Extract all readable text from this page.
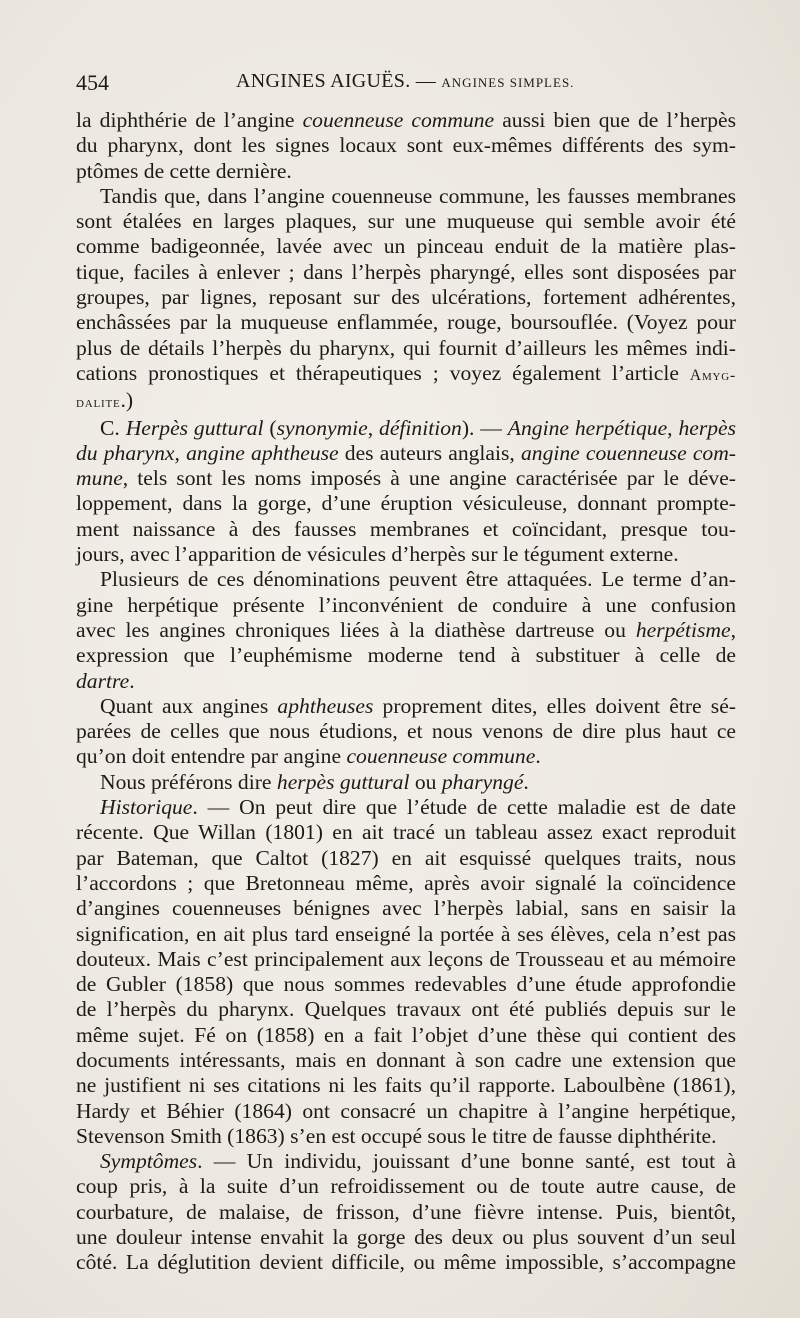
454	ANGINES AIGUËS. — ANGINES SIMPLES.
la diphthérie de l’angine couenneuse commune aussi bien que de l’herpès
du pharynx, dont les signes locaux sont eux-mêmes différents des sym-
ptômes de cette dernière.
Tandis que, dans l’angine couenneuse commune, les fausses membranes
sont étalées en larges plaques, sur une muqueuse qui semble avoir été
comme badigeonnée, lavée avec un pinceau enduit de la matière plas-
tique, faciles à enlever ; dans l’herpès pharyngé, elles sont disposées par
groupes, par lignes, reposant sur des ulcérations, fortement adhérentes,
enchâssées par la muqueuse enflammée, rouge, boursouflée. (Voyez pour
plus de détails l’herpès du pharynx, qui fournit d’ailleurs les mêmes indi-
cations pronostiques et thérapeutiques ; voyez également l’article Amyg-
dalite.)
C. Herpès guttural (synonymie, définition). — Angine herpétique, herpès
du pharynx, angine aphtheuse des auteurs anglais, angine couenneuse com-
mune, tels sont les noms imposés à une angine caractérisée par le déve-
loppement, dans la gorge, d’une éruption vésiculeuse, donnant prompte-
ment naissance à des fausses membranes et coïncidant, presque tou-
jours, avec l’apparition de vésicules d’herpès sur le tégument externe.
Plusieurs de ces dénominations peuvent être attaquées. Le terme d’an-
gine herpétique présente l’inconvénient de conduire à une confusion
avec les angines chroniques liées à la diathèse dartreuse ou herpétisme,
expression que l’euphémisme moderne tend à substituer à celle de
dartre.
Quant aux angines aphtheuses proprement dites, elles doivent être sé-
parées de celles que nous étudions, et nous venons de dire plus haut ce
qu’on doit entendre par angine couenneuse commune.
Nous préférons dire herpès guttural ou pharyngé.
Historique. — On peut dire que l’étude de cette maladie est de date
récente. Que Willan (1801) en ait tracé un tableau assez exact reproduit
par Bateman, que Caltot (1827) en ait esquissé quelques traits, nous
l’accordons ; que Bretonneau même, après avoir signalé la coïncidence
d’angines couenneuses bénignes avec l’herpès labial, sans en saisir la
signification, en ait plus tard enseigné la portée à ses élèves, cela n’est pas
douteux. Mais c’est principalement aux leçons de Trousseau et au mémoire
de Gubler (1858) que nous sommes redevables d’une étude approfondie
de l’herpès du pharynx. Quelques travaux ont été publiés depuis sur le
même sujet. Fé on (1858) en a fait l’objet d’une thèse qui contient des
documents intéressants, mais en donnant à son cadre une extension que
ne justifient ni ses citations ni les faits qu’il rapporte. Laboulbène (1861),
Hardy et Béhier (1864) ont consacré un chapitre à l’angine herpétique,
Stevenson Smith (1863) s’en est occupé sous le titre de fausse diphthérite.
Symptômes. — Un individu, jouissant d’une bonne santé, est tout à
coup pris, à la suite d’un refroidissement ou de toute autre cause, de
courbature, de malaise, de frisson, d’une fièvre intense. Puis, bientôt,
une douleur intense envahit la gorge des deux ou plus souvent d’un seul
côté. La déglutition devient difficile, ou même impossible, s’accompagne
